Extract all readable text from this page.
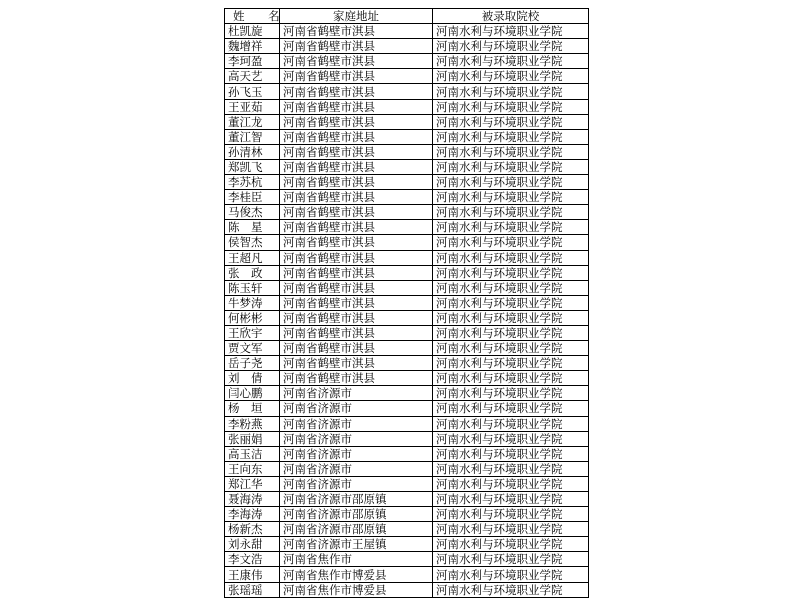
姓 名	家庭地址	被录取院校
杜凯旋	河南省鹤壁市淇县	河南水利与环境职业学院
魏增祥	河南省鹤壁市淇县	河南水利与环境职业学院
李珂盈	河南省鹤壁市淇县	河南水利与环境职业学院
高天艺	河南省鹤壁市淇县	河南水利与环境职业学院
孙飞玉	河南省鹤壁市淇县	河南水利与环境职业学院
王亚茹	河南省鹤壁市淇县	河南水利与环境职业学院
董江龙	河南省鹤壁市淇县	河南水利与环境职业学院
董江智	河南省鹤壁市淇县	河南水利与环境职业学院
孙清林	河南省鹤壁市淇县	河南水利与环境职业学院
郑凯飞	河南省鹤壁市淇县	河南水利与环境职业学院
李苏杭	河南省鹤壁市淇县	河南水利与环境职业学院
李桂臣	河南省鹤壁市淇县	河南水利与环境职业学院
马俊杰	河南省鹤壁市淇县	河南水利与环境职业学院
陈　星	河南省鹤壁市淇县	河南水利与环境职业学院
侯智杰	河南省鹤壁市淇县	河南水利与环境职业学院
王超凡	河南省鹤壁市淇县	河南水利与环境职业学院
张　政	河南省鹤壁市淇县	河南水利与环境职业学院
陈玉轩	河南省鹤壁市淇县	河南水利与环境职业学院
牛梦涛	河南省鹤壁市淇县	河南水利与环境职业学院
何彬彬	河南省鹤壁市淇县	河南水利与环境职业学院
王欣宇	河南省鹤壁市淇县	河南水利与环境职业学院
贾文军	河南省鹤壁市淇县	河南水利与环境职业学院
岳子尧	河南省鹤壁市淇县	河南水利与环境职业学院
刘　倩	河南省鹤壁市淇县	河南水利与环境职业学院
闫心鹏	河南省济源市	河南水利与环境职业学院
杨　垣	河南省济源市	河南水利与环境职业学院
李粉燕	河南省济源市	河南水利与环境职业学院
张丽娟	河南省济源市	河南水利与环境职业学院
高玉洁	河南省济源市	河南水利与环境职业学院
王向东	河南省济源市	河南水利与环境职业学院
郑江华	河南省济源市	河南水利与环境职业学院
聂海涛	河南省济源市邵原镇	河南水利与环境职业学院
李海涛	河南省济源市邵原镇	河南水利与环境职业学院
杨新杰	河南省济源市邵原镇	河南水利与环境职业学院
刘永甜	河南省济源市王屋镇	河南水利与环境职业学院
李文浩	河南省焦作市	河南水利与环境职业学院
王康伟	河南省焦作市博爱县	河南水利与环境职业学院
张瑶瑶	河南省焦作市博爱县	河南水利与环境职业学院
